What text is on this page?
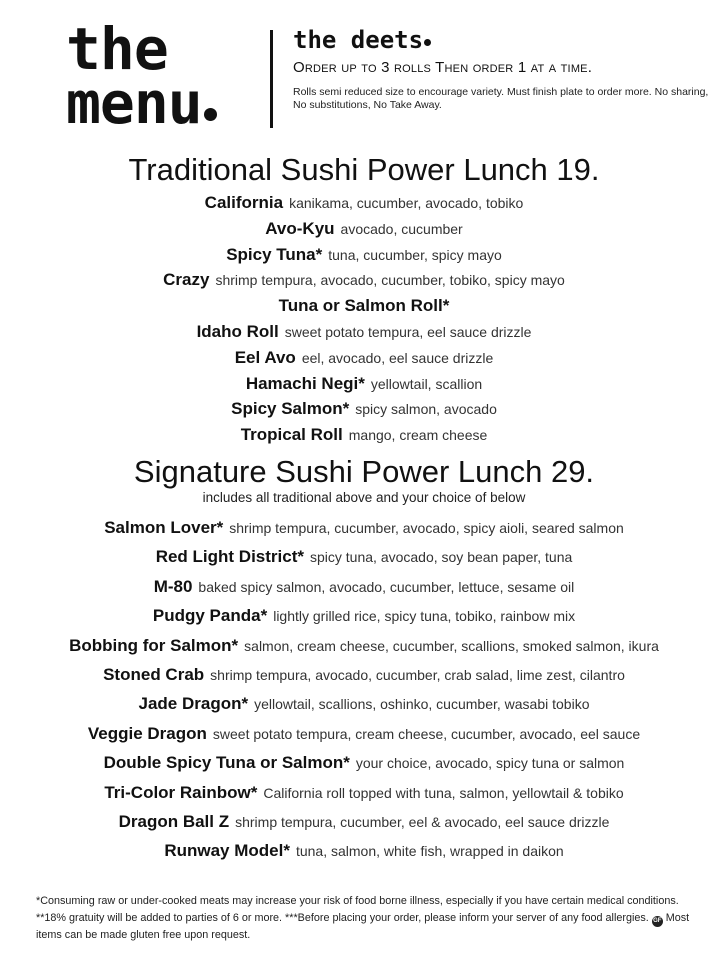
the
menu
the deets
Order up to 3 rolls Then order 1 at a time.
Rolls semi reduced size to encourage variety. Must finish plate to order more. No sharing, No substitutions, No Take Away.
Traditional Sushi Power Lunch 19.
California kanikama, cucumber, avocado, tobiko
Avo-Kyu avocado, cucumber
Spicy Tuna* tuna, cucumber, spicy mayo
Crazy shrimp tempura, avocado, cucumber, tobiko, spicy mayo
Tuna or Salmon Roll*
Idaho Roll sweet potato tempura, eel sauce drizzle
Eel Avo eel, avocado, eel sauce drizzle
Hamachi Negi* yellowtail, scallion
Spicy Salmon* spicy salmon, avocado
Tropical Roll mango, cream cheese
Signature Sushi Power Lunch 29.
includes all traditional above and your choice of below
Salmon Lover* shrimp tempura, cucumber, avocado, spicy aioli, seared salmon
Red Light District* spicy tuna, avocado, soy bean paper, tuna
M-80 baked spicy salmon, avocado, cucumber, lettuce, sesame oil
Pudgy Panda* lightly grilled rice, spicy tuna, tobiko, rainbow mix
Bobbing for Salmon* salmon, cream cheese, cucumber, scallions, smoked salmon, ikura
Stoned Crab shrimp tempura, avocado, cucumber, crab salad, lime zest, cilantro
Jade Dragon* yellowtail, scallions, oshinko, cucumber, wasabi tobiko
Veggie Dragon sweet potato tempura, cream cheese, cucumber, avocado, eel sauce
Double Spicy Tuna or Salmon* your choice, avocado, spicy tuna or salmon
Tri-Color Rainbow* California roll topped with tuna, salmon, yellowtail & tobiko
Dragon Ball Z shrimp tempura, cucumber, eel & avocado, eel sauce drizzle
Runway Model* tuna, salmon, white fish, wrapped in daikon
*Consuming raw or under-cooked meats may increase your risk of food borne illness, especially if you have certain medical conditions. **18% gratuity will be added to parties of 6 or more. ***Before placing your order, please inform your server of any food allergies. GF Most items can be made gluten free upon request.
